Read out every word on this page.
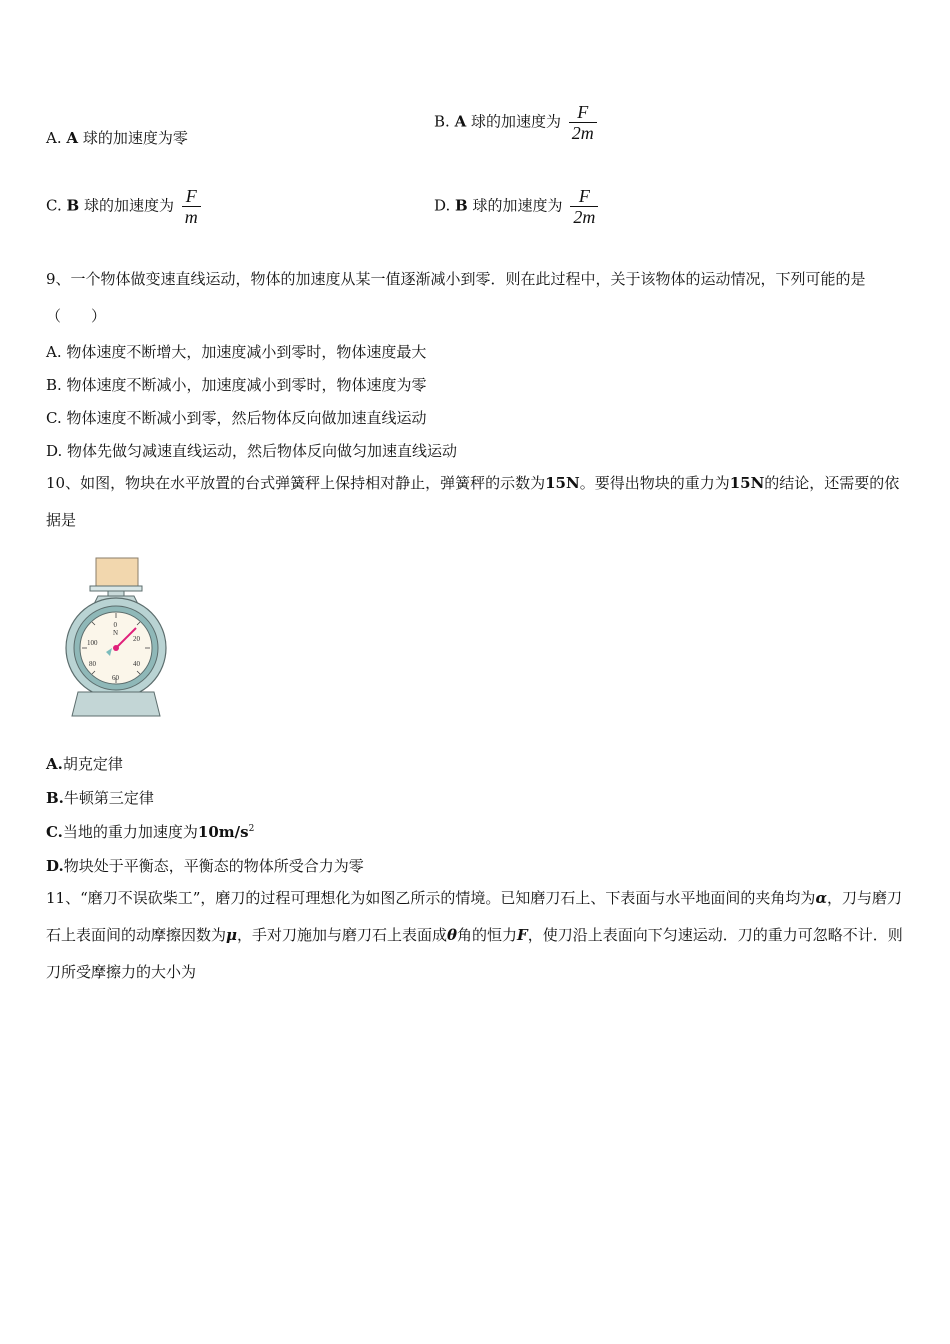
A. A 球的加速度为零
B. A 球的加速度为 $\frac{F}{2m}$
C. B 球的加速度为 $\frac{F}{m}$	D. B 球的加速度为 $\frac{F}{2m}$
9、一个物体做变速直线运动，物体的加速度从某一值逐渐减小到零．则在此过程中，关于该物体的运动情况，下列可能的是（　　）
A. 物体速度不断增大，加速度减小到零时，物体速度最大
B. 物体速度不断减小，加速度减小到零时，物体速度为零
C. 物体速度不断减小到零，然后物体反向做加速直线运动
D. 物体先做匀减速直线运动，然后物体反向做匀加速直线运动
10、如图，物块在水平放置的台式弹簧秤上保持相对静止，弹簧秤的示数为15N。要得出物块的重力为15N的结论，还需要的依据是
0
N
20
40
60
80
100
A.胡克定律
B.牛顿第三定律
C.当地的重力加速度为$10m/s^2$
D.物块处于平衡态，平衡态的物体所受合力为零
11、“磨刀不误砍柴工”，磨刀的过程可理想化为如图乙所示的情境。已知磨刀石上、下表面与水平地面间的夹角均为α，刀与磨刀石上表面间的动摩擦因数为μ，手对刀施加与磨刀石上表面成θ角的恒力F，使刀沿上表面向下匀速运动．刀的重力可忽略不计．则刀所受摩擦力的大小为
